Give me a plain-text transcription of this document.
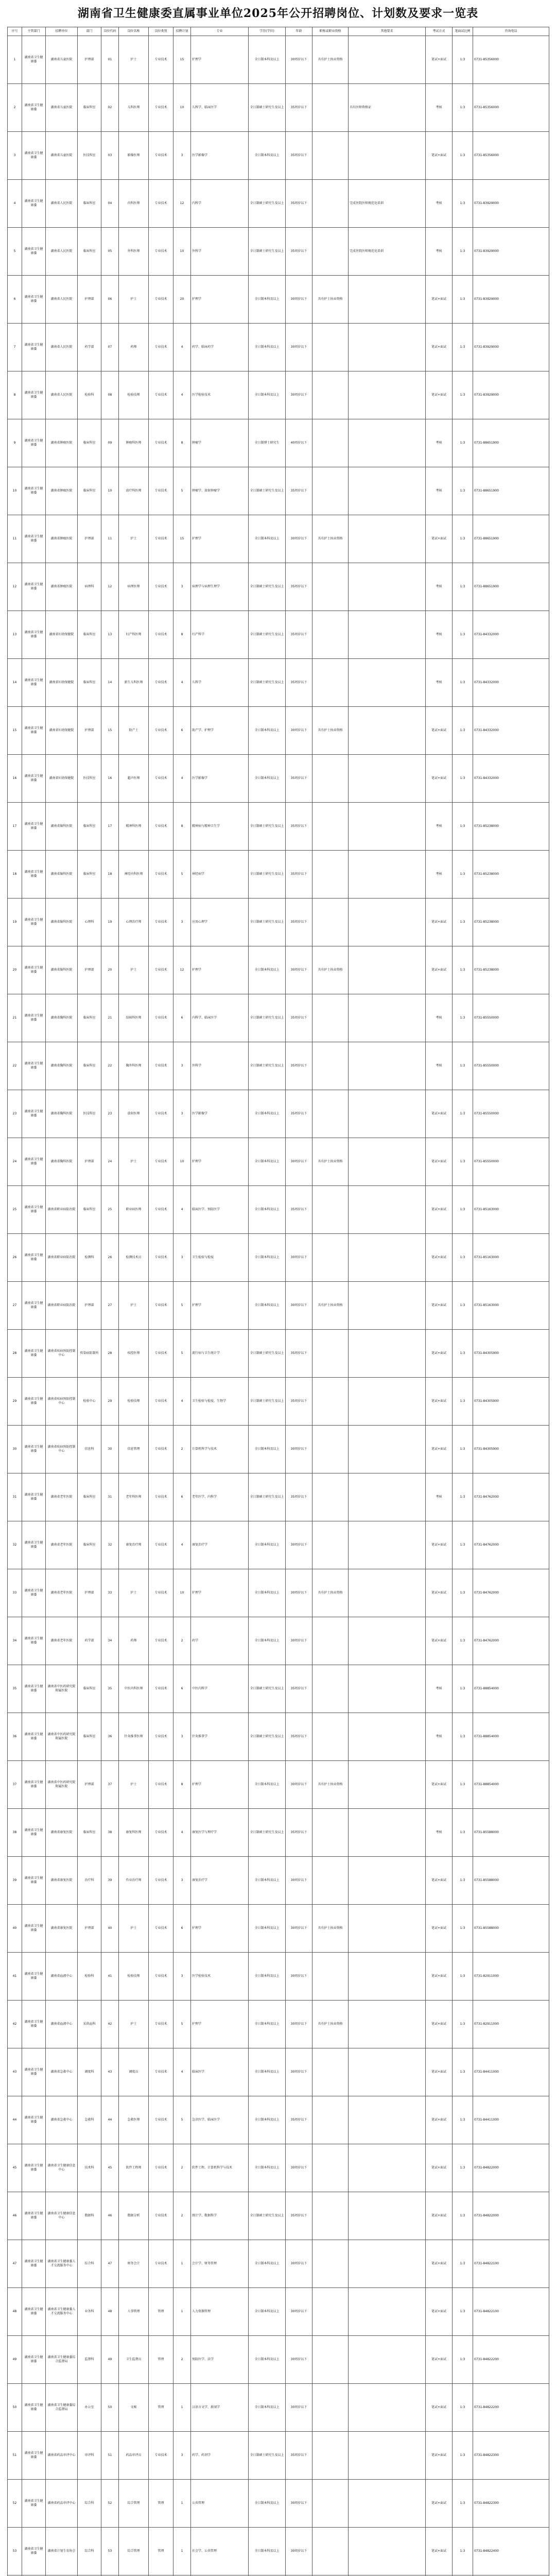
湖南省卫生健康委直属事业单位2025年公开招聘岗位、计划数及要求一览表
序号	主管部门	招聘单位	部门	岗位代码	岗位名称	岗位类别	招聘计划	专业	学历(学位)	年龄	职称或职业资格	其他要求	考试方式	笔面试比例	咨询电话
1	湖南省卫生健康委	湖南省儿童医院	护理部	01	护士	专业技术	15	护理学	全日制本科及以上	30周岁以下	具有护士执业资格		笔试+面试	1:3	0731-85356000
2	湖南省卫生健康委	湖南省儿童医院	临床科室	02	儿科医师	专业技术	10	儿科学、临床医学	全日制硕士研究生及以上	35周岁以下		具有医师资格证	考核	1:3	0731-85356000
3	湖南省卫生健康委	湖南省儿童医院	医技科室	03	影像医师	专业技术	3	医学影像学	全日制本科及以上	35周岁以下			笔试+面试	1:3	0731-85356000
4	湖南省卫生健康委	湖南省人民医院	临床科室	04	内科医师	专业技术	12	内科学	全日制硕士研究生及以上	35周岁以下		完成住院医师规范化培训	考核	1:3	0731-83929000
5	湖南省卫生健康委	湖南省人民医院	临床科室	05	外科医师	专业技术	10	外科学	全日制硕士研究生及以上	35周岁以下		完成住院医师规范化培训	考核	1:3	0731-83929000
6	湖南省卫生健康委	湖南省人民医院	护理部	06	护士	专业技术	20	护理学	全日制本科及以上	30周岁以下	具有护士执业资格		笔试+面试	1:3	0731-83929000
7	湖南省卫生健康委	湖南省人民医院	药学部	07	药师	专业技术	4	药学、临床药学	全日制本科及以上	30周岁以下			笔试+面试	1:3	0731-83929000
8	湖南省卫生健康委	湖南省人民医院	检验科	08	检验技师	专业技术	4	医学检验技术	全日制本科及以上	30周岁以下			笔试+面试	1:3	0731-83929000
9	湖南省卫生健康委	湖南省肿瘤医院	临床科室	09	肿瘤科医师	专业技术	8	肿瘤学	全日制博士研究生	40周岁以下			考核	1:3	0731-88651900
10	湖南省卫生健康委	湖南省肿瘤医院	临床科室	10	放疗科医师	专业技术	5	肿瘤学、放射肿瘤学	全日制硕士研究生及以上	35周岁以下			考核	1:3	0731-88651900
11	湖南省卫生健康委	湖南省肿瘤医院	护理部	11	护士	专业技术	15	护理学	全日制本科及以上	30周岁以下	具有护士执业资格		笔试+面试	1:3	0731-88651900
12	湖南省卫生健康委	湖南省肿瘤医院	病理科	12	病理医师	专业技术	3	病理学与病理生理学	全日制硕士研究生及以上	35周岁以下			考核	1:3	0731-88651900
13	湖南省卫生健康委	湖南省妇幼保健院	临床科室	13	妇产科医师	专业技术	8	妇产科学	全日制硕士研究生及以上	35周岁以下			考核	1:3	0731-84332000
14	湖南省卫生健康委	湖南省妇幼保健院	临床科室	14	新生儿科医师	专业技术	4	儿科学	全日制硕士研究生及以上	35周岁以下			考核	1:3	0731-84332000
15	湖南省卫生健康委	湖南省妇幼保健院	护理部	15	助产士	专业技术	6	助产学、护理学	全日制本科及以上	30周岁以下	具有护士执业资格		笔试+面试	1:3	0731-84332000
16	湖南省卫生健康委	湖南省妇幼保健院	医技科室	16	超声医师	专业技术	4	医学影像学	全日制本科及以上	35周岁以下			笔试+面试	1:3	0731-84332000
17	湖南省卫生健康委	湖南省脑科医院	临床科室	17	精神科医师	专业技术	8	精神病与精神卫生学	全日制硕士研究生及以上	35周岁以下			考核	1:3	0731-85238000
18	湖南省卫生健康委	湖南省脑科医院	临床科室	18	神经内科医师	专业技术	5	神经病学	全日制硕士研究生及以上	35周岁以下			考核	1:3	0731-85238000
19	湖南省卫生健康委	湖南省脑科医院	心理科	19	心理治疗师	专业技术	3	应用心理学	全日制硕士研究生及以上	35周岁以下			笔试+面试	1:3	0731-85238000
20	湖南省卫生健康委	湖南省脑科医院	护理部	20	护士	专业技术	12	护理学	全日制本科及以上	30周岁以下	具有护士执业资格		笔试+面试	1:3	0731-85238000
21	湖南省卫生健康委	湖南省胸科医院	临床科室	21	结核科医师	专业技术	6	内科学、临床医学	全日制硕士研究生及以上	35周岁以下			考核	1:3	0731-85550000
22	湖南省卫生健康委	湖南省胸科医院	临床科室	22	胸外科医师	专业技术	3	外科学	全日制硕士研究生及以上	35周岁以下			考核	1:3	0731-85550000
23	湖南省卫生健康委	湖南省胸科医院	医技科室	23	放射医师	专业技术	3	医学影像学	全日制本科及以上	35周岁以下			笔试+面试	1:3	0731-85550000
24	湖南省卫生健康委	湖南省胸科医院	护理部	24	护士	专业技术	10	护理学	全日制本科及以上	30周岁以下	具有护士执业资格		笔试+面试	1:3	0731-85550000
25	湖南省卫生健康委	湖南省职业病防治院	临床科室	25	职业病医师	专业技术	4	临床医学、预防医学	全日制本科及以上	35周岁以下			笔试+面试	1:3	0731-85163000
26	湖南省卫生健康委	湖南省职业病防治院	检测科	26	检测技术员	专业技术	3	卫生检验与检疫	全日制本科及以上	30周岁以下			笔试+面试	1:3	0731-85163000
27	湖南省卫生健康委	湖南省职业病防治院	护理部	27	护士	专业技术	5	护理学	全日制本科及以上	30周岁以下	具有护士执业资格		笔试+面试	1:3	0731-85163000
28	湖南省卫生健康委	湖南省疾病预防控制中心	传染病防制所	28	疾控医师	专业技术	5	流行病与卫生统计学	全日制硕士研究生及以上	35周岁以下			笔试+面试	1:3	0731-84305900
29	湖南省卫生健康委	湖南省疾病预防控制中心	检验中心	29	检验技师	专业技术	4	卫生检验与检疫、生物学	全日制硕士研究生及以上	35周岁以下			笔试+面试	1:3	0731-84305900
30	湖南省卫生健康委	湖南省疾病预防控制中心	信息科	30	信息管理	专业技术	2	计算机科学与技术	全日制本科及以上	30周岁以下			笔试+面试	1:3	0731-84305900
31	湖南省卫生健康委	湖南省老年医院	临床科室	31	老年科医师	专业技术	6	老年医学、内科学	全日制硕士研究生及以上	35周岁以下			考核	1:3	0731-84762000
32	湖南省卫生健康委	湖南省老年医院	临床科室	32	康复治疗师	专业技术	4	康复治疗学	全日制本科及以上	30周岁以下			笔试+面试	1:3	0731-84762000
33	湖南省卫生健康委	湖南省老年医院	护理部	33	护士	专业技术	10	护理学	全日制本科及以上	30周岁以下	具有护士执业资格		笔试+面试	1:3	0731-84762000
34	湖南省卫生健康委	湖南省老年医院	药学部	34	药师	专业技术	2	药学	全日制本科及以上	30周岁以下			笔试+面试	1:3	0731-84762000
35	湖南省卫生健康委	湖南省中医药研究院附属医院	临床科室	35	中医内科医师	专业技术	6	中医内科学	全日制硕士研究生及以上	35周岁以下			考核	1:3	0731-88854000
36	湖南省卫生健康委	湖南省中医药研究院附属医院	临床科室	36	针灸推拿医师	专业技术	3	针灸推拿学	全日制硕士研究生及以上	35周岁以下			考核	1:3	0731-88854000
37	湖南省卫生健康委	湖南省中医药研究院附属医院	护理部	37	护士	专业技术	8	护理学	全日制本科及以上	30周岁以下	具有护士执业资格		笔试+面试	1:3	0731-88854000
38	湖南省卫生健康委	湖南省康复医院	临床科室	38	康复科医师	专业技术	4	康复医学与理疗学	全日制硕士研究生及以上	35周岁以下			考核	1:3	0731-85588000
39	湖南省卫生健康委	湖南省康复医院	治疗科	39	作业治疗师	专业技术	3	康复治疗学	全日制本科及以上	30周岁以下			笔试+面试	1:3	0731-85588000
40	湖南省卫生健康委	湖南省康复医院	护理部	40	护士	专业技术	6	护理学	全日制本科及以上	30周岁以下	具有护士执业资格		笔试+面试	1:3	0731-85588000
41	湖南省卫生健康委	湖南省血液中心	检验科	41	检验技师	专业技术	3	医学检验技术	全日制本科及以上	30周岁以下			笔试+面试	1:3	0731-82911000
42	湖南省卫生健康委	湖南省血液中心	采供血科	42	护士	专业技术	5	护理学	全日制本科及以上	30周岁以下	具有护士执业资格		笔试+面试	1:3	0731-82911000
43	湖南省卫生健康委	湖南省急救中心	调度科	43	调度员	专业技术	4	临床医学	全日制本科及以上	30周岁以下			笔试+面试	1:3	0731-84411000
44	湖南省卫生健康委	湖南省急救中心	急救科	44	急救医师	专业技术	5	急诊医学、临床医学	全日制本科及以上	35周岁以下			笔试+面试	1:3	0731-84411000
45	湖南省卫生健康委	湖南省卫生健康信息中心	技术科	45	软件工程师	专业技术	2	软件工程、计算机科学与技术	全日制本科及以上	30周岁以下			笔试+面试	1:3	0731-84822000
46	湖南省卫生健康委	湖南省卫生健康信息中心	数据科	46	数据分析	专业技术	2	统计学、数据科学	全日制硕士研究生及以上	35周岁以下			笔试+面试	1:3	0731-84822000
47	湖南省卫生健康委	湖南省卫生健康委人才交流服务中心	综合科	47	财务会计	专业技术	1	会计学、财务管理	全日制本科及以上	30周岁以下			笔试+面试	1:3	0731-84822100
48	湖南省卫生健康委	湖南省卫生健康委人才交流服务中心	业务科	48	人事管理	管理	1	人力资源管理	全日制本科及以上	30周岁以下			笔试+面试	1:3	0731-84822100
49	湖南省卫生健康委	湖南省卫生健康委综合监督局	监督科	49	卫生监督员	管理	2	预防医学、法学	全日制本科及以上	30周岁以下			笔试+面试	1:3	0731-84822200
50	湖南省卫生健康委	湖南省卫生健康委综合监督局	办公室	50	文秘	管理	1	汉语言文学、新闻学	全日制本科及以上	30周岁以下			笔试+面试	1:3	0731-84822200
51	湖南省卫生健康委	湖南省药品审评中心	审评科	51	药品审评员	专业技术	3	药学、药剂学	全日制硕士研究生及以上	35周岁以下			笔试+面试	1:3	0731-84822300
52	湖南省卫生健康委	湖南省药品审评中心	综合科	52	综合管理	管理	1	公共管理	全日制本科及以上	30周岁以下			笔试+面试	1:3	0731-84822300
53	湖南省卫生健康委	湖南省计划生育协会	综合科	53	综合管理	管理	1	社会学、公共管理	全日制本科及以上	30周岁以下			笔试+面试	1:3	0731-84822400
